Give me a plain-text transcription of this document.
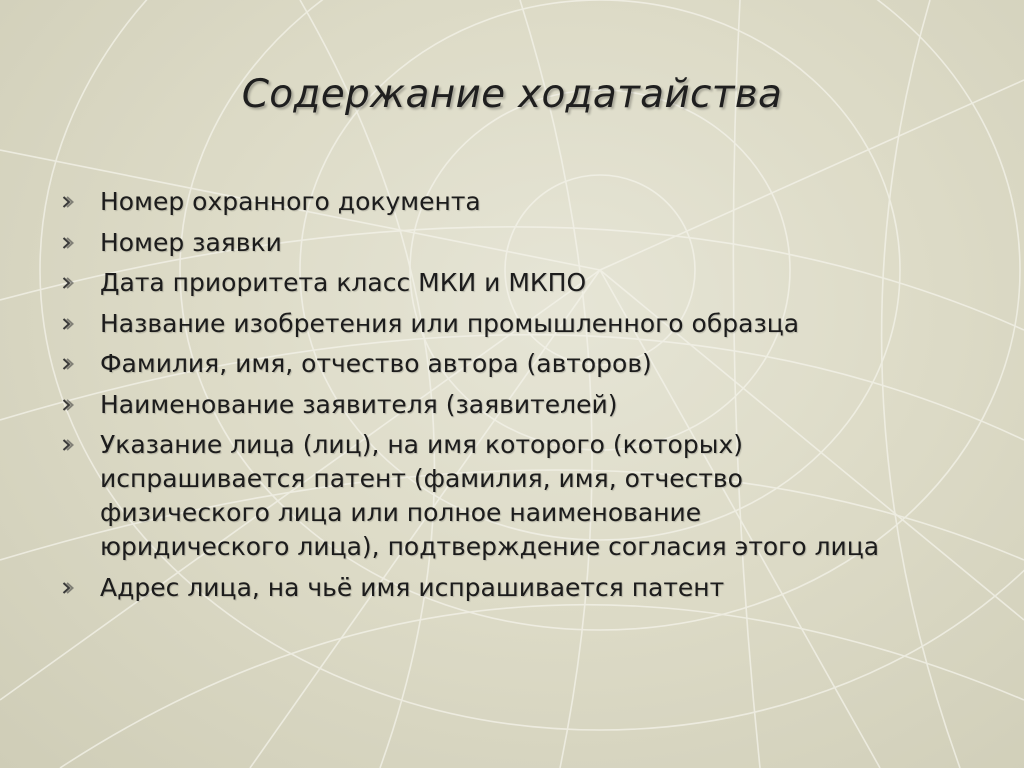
Содержание ходатайства
Номер охранного документа
Номер заявки
Дата приоритета класс МКИ и МКПО
Название изобретения или промышленного образца
Фамилия, имя, отчество автора (авторов)
Наименование заявителя (заявителей)
Указание лица (лиц), на имя которого (которых)
испрашивается патент (фамилия, имя, отчество
физического лица или полное наименование
юридического лица), подтверждение согласия этого лица
Адрес лица, на чьё имя испрашивается патент
